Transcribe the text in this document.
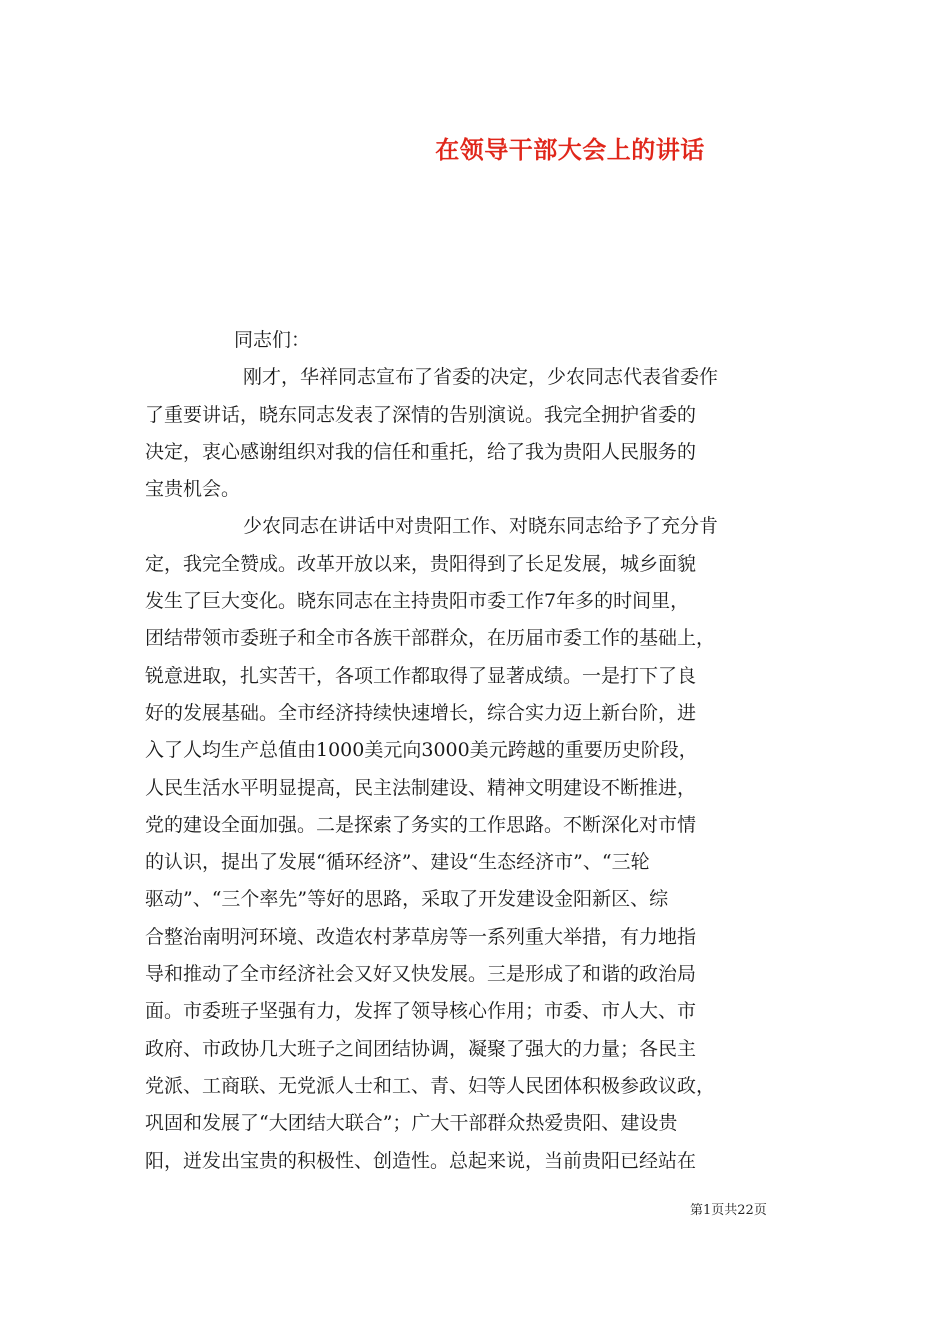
在领导干部大会上的讲话
同志们：
刚才，华祥同志宣布了省委的决定，少农同志代表省委作
了重要讲话，晓东同志发表了深情的告别演说。我完全拥护省委的
决定，衷心感谢组织对我的信任和重托，给了我为贵阳人民服务的
宝贵机会。
少农同志在讲话中对贵阳工作、对晓东同志给予了充分肯
定，我完全赞成。改革开放以来，贵阳得到了长足发展，城乡面貌
发生了巨大变化。晓东同志在主持贵阳市委工作7年多的时间里，
团结带领市委班子和全市各族干部群众，在历届市委工作的基础上，
锐意进取，扎实苦干，各项工作都取得了显著成绩。一是打下了良
好的发展基础。全市经济持续快速增长，综合实力迈上新台阶，进
入了人均生产总值由1000美元向3000美元跨越的重要历史阶段，
人民生活水平明显提高，民主法制建设、精神文明建设不断推进，
党的建设全面加强。二是探索了务实的工作思路。不断深化对市情
的认识，提出了发展“循环经济”、建设“生态经济市”、“三轮
驱动”、“三个率先”等好的思路，采取了开发建设金阳新区、综
合整治南明河环境、改造农村茅草房等一系列重大举措，有力地指
导和推动了全市经济社会又好又快发展。三是形成了和谐的政治局
面。市委班子坚强有力，发挥了领导核心作用；市委、市人大、市
政府、市政协几大班子之间团结协调，凝聚了强大的力量；各民主
党派、工商联、无党派人士和工、青、妇等人民团体积极参政议政，
巩固和发展了“大团结大联合”；广大干部群众热爱贵阳、建设贵
阳，迸发出宝贵的积极性、创造性。总起来说，当前贵阳已经站在
第1页共22页
